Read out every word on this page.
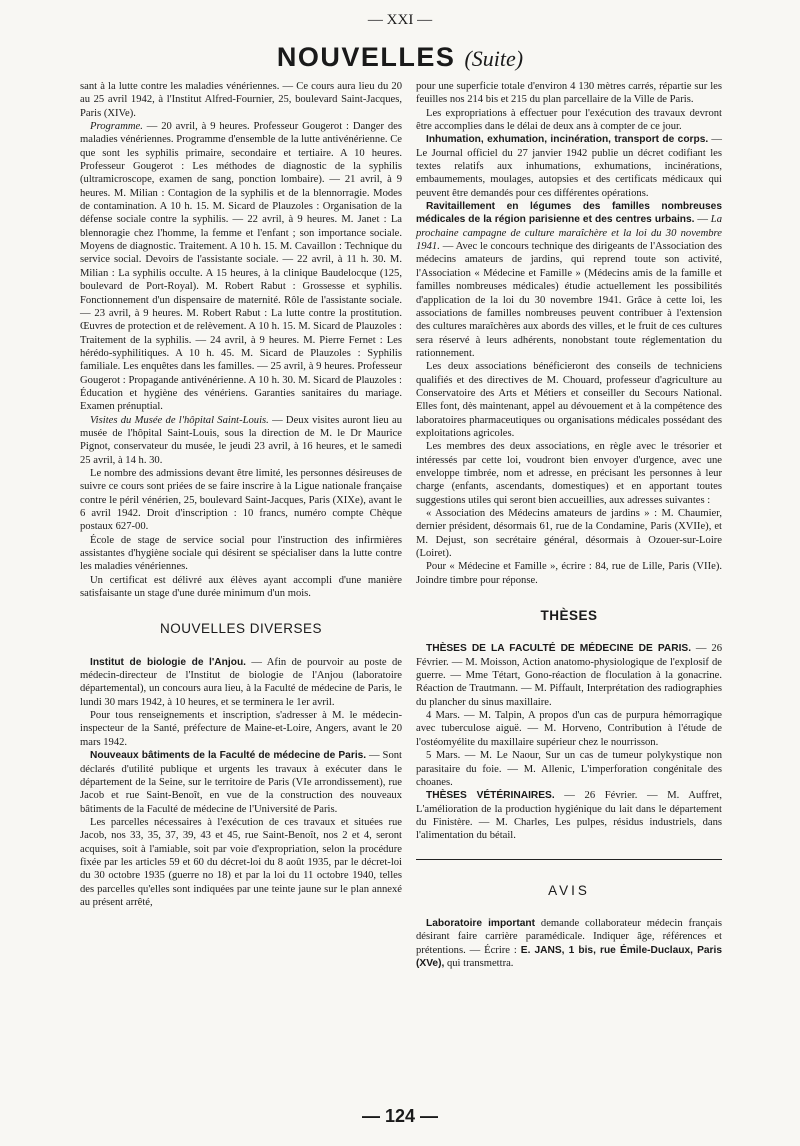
— XXI —
NOUVELLES (Suite)

sant à la lutte contre les maladies vénériennes. — Ce cours aura lieu du 20 au 25 avril 1942, à l'Institut Alfred-Fournier, 25, boulevard Saint-Jacques, Paris (XIVe).

Programme. — 20 avril, à 9 heures. Professeur Gougerot : Danger des maladies vénériennes. Programme d'ensemble de la lutte antivénérienne. Ce que sont les syphilis primaire, secondaire et tertiaire. A 10 heures. Professeur Gougerot : Les méthodes de diagnostic de la syphilis (ultramicroscope, examen de sang, ponction lombaire). — 21 avril, à 9 heures. M. Milian : Contagion de la syphilis et de la blennorragie. Modes de contamination. A 10 h. 15. M. Sicard de Plauzoles : Organisation de la défense sociale contre la syphilis. — 22 avril, à 9 heures. M. Janet : La blennoragie chez l'homme, la femme et l'enfant ; son importance sociale. Moyens de diagnostic. Traitement. A 10 h. 15. M. Cavaillon : Technique du service social. Devoirs de l'assistante sociale. — 22 avril, à 11 h. 30. M. Milian : La syphilis occulte. A 15 heures, à la clinique Baudelocque (125, boulevard de Port-Royal). M. Robert Rabut : Grossesse et syphilis. Fonctionnement d'un dispensaire de maternité. Rôle de l'assistante sociale. — 23 avril, à 9 heures. M. Robert Rabut : La lutte contre la prostitution. Œuvres de protection et de relèvement. A 10 h. 15. M. Sicard de Plauzoles : Traitement de la syphilis. — 24 avril, à 9 heures. M. Pierre Fernet : Les hérédo-syphilitiques. A 10 h. 45. M. Sicard de Plauzoles : Syphilis familiale. Les enquêtes dans les familles. — 25 avril, à 9 heures. Professeur Gougerot : Propagande antivénérienne. A 10 h. 30. M. Sicard de Plauzoles : Éducation et hygiène des vénériens. Garanties sanitaires du mariage. Examen prénuptial.

Visites du Musée de l'hôpital Saint-Louis. — Deux visites auront lieu au musée de l'hôpital Saint-Louis, sous la direction de M. le Dr Maurice Pignot, conservateur du musée, le jeudi 23 avril, à 16 heures, et le samedi 25 avril, à 14 h. 30.

Le nombre des admissions devant être limité, les personnes désireuses de suivre ce cours sont priées de se faire inscrire à la Ligue nationale française contre le péril vénérien, 25, boulevard Saint-Jacques, Paris (XIXe), avant le 6 avril 1942. Droit d'inscription : 10 francs, numéro compte Chèque postaux 627-00.

École de stage de service social pour l'instruction des infirmières assistantes d'hygiène sociale qui désirent se spécialiser dans la lutte contre les maladies vénériennes.

Un certificat est délivré aux élèves ayant accompli d'une manière satisfaisante un stage d'une durée minimum d'un mois.

NOUVELLES DIVERSES

Institut de biologie de l'Anjou. — Afin de pourvoir au poste de médecin-directeur de l'Institut de biologie de l'Anjou (laboratoire départemental), un concours aura lieu, à la Faculté de médecine de Paris, le lundi 30 mars 1942, à 10 heures, et se terminera le 1er avril.

Pour tous renseignements et inscription, s'adresser à M. le médecin-inspecteur de la Santé, préfecture de Maine-et-Loire, Angers, avant le 20 mars 1942.

Nouveaux bâtiments de la Faculté de médecine de Paris. — Sont déclarés d'utilité publique et urgents les travaux à exécuter dans le département de la Seine, sur le territoire de Paris (VIe arrondissement), rue Jacob et rue Saint-Benoît, en vue de la construction des nouveaux bâtiments de la Faculté de médecine de l'Université de Paris.

Les parcelles nécessaires à l'exécution de ces travaux et situées rue Jacob, nos 33, 35, 37, 39, 43 et 45, rue Saint-Benoît, nos 2 et 4, seront acquises, soit à l'amiable, soit par voie d'expropriation, selon la procédure fixée par les articles 59 et 60 du décret-loi du 8 août 1935, par le décret-loi du 30 octobre 1935 (guerre no 18) et par la loi du 11 octobre 1940, telles des parcelles qu'elles sont indiquées par une teinte jaune sur le plan annexé au présent arrêté,

pour une superficie totale d'environ 4 130 mètres carrés, répartie sur les feuilles nos 214 bis et 215 du plan parcellaire de la Ville de Paris.

Les expropriations à effectuer pour l'exécution des travaux devront être accomplies dans le délai de deux ans à compter de ce jour.

Inhumation, exhumation, incinération, transport de corps. — Le Journal officiel du 27 janvier 1942 publie un décret codifiant les textes relatifs aux inhumations, exhumations, incinérations, embaumements, moulages, autopsies et des certificats médicaux qui peuvent être demandés pour ces différentes opérations.

Ravitaillement en légumes des familles nombreuses médicales de la région parisienne et des centres urbains. — La prochaine campagne de culture maraîchère et la loi du 30 novembre 1941. — Avec le concours technique des dirigeants de l'Association des médecins amateurs de jardins, qui reprend toute son activité, l'Association « Médecine et Famille » (Médecins amis de la famille et familles nombreuses médicales) étudie actuellement les possibilités d'application de la loi du 30 novembre 1941. Grâce à cette loi, les associations de familles nombreuses peuvent contribuer à l'extension des cultures maraîchères aux abords des villes, et le fruit de ces cultures sera réservé à leurs adhérents, nonobstant toute réglementation du rationnement.

Les deux associations bénéficieront des conseils de techniciens qualifiés et des directives de M. Chouard, professeur d'agriculture au Conservatoire des Arts et Métiers et conseiller du Secours National. Elles font, dès maintenant, appel au dévouement et à la compétence des laboratoires pharmaceutiques ou organisations médicales possédant des exploitations agricoles.

Les membres des deux associations, en règle avec le trésorier et intéressés par cette loi, voudront bien envoyer d'urgence, avec une enveloppe timbrée, nom et adresse, en précisant les personnes à leur charge (enfants, ascendants, domestiques) et en apportant toutes suggestions utiles qui seront bien accueillies, aux adresses suivantes :

« Association des Médecins amateurs de jardins » : M. Chaumier, dernier président, désormais 61, rue de la Condamine, Paris (XVIIe), et M. Dejust, son secrétaire général, désormais à Ozouer-sur-Loire (Loiret).

Pour « Médecine et Famille », écrire : 84, rue de Lille, Paris (VIIe). Joindre timbre pour réponse.

THÈSES

THÈSES DE LA FACULTÉ DE MÉDECINE DE PARIS. — 26 Février. — M. Moisson, Action anatomo-physiologique de l'explosif de guerre. — Mme Tétart, Gono-réaction de floculation à la gonacrine. Réaction de Trautmann. — M. Piffault, Interprétation des radiographies du plancher du sinus maxillaire.

4 Mars. — M. Talpin, A propos d'un cas de purpura hémorragique avec tuberculose aiguë. — M. Horveno, Contribution à l'étude de l'ostéomyélite du maxillaire supérieur chez le nourrisson.

5 Mars. — M. Le Naour, Sur un cas de tumeur polykystique non parasitaire du foie. — M. Allenic, L'imperforation congénitale des choanes.

THÈSES VÉTÉRINAIRES. — 26 Février. — M. Auffret, L'amélioration de la production hygiénique du lait dans le département du Finistère. — M. Charles, Les pulpes, résidus industriels, dans l'alimentation du bétail.

AVIS

Laboratoire important demande collaborateur médecin français désirant faire carrière paramédicale. Indiquer âge, références et prétentions. — Écrire : E. JANS, 1 bis, rue Émile-Duclaux, Paris (XVe), qui transmettra.

— 124 —
